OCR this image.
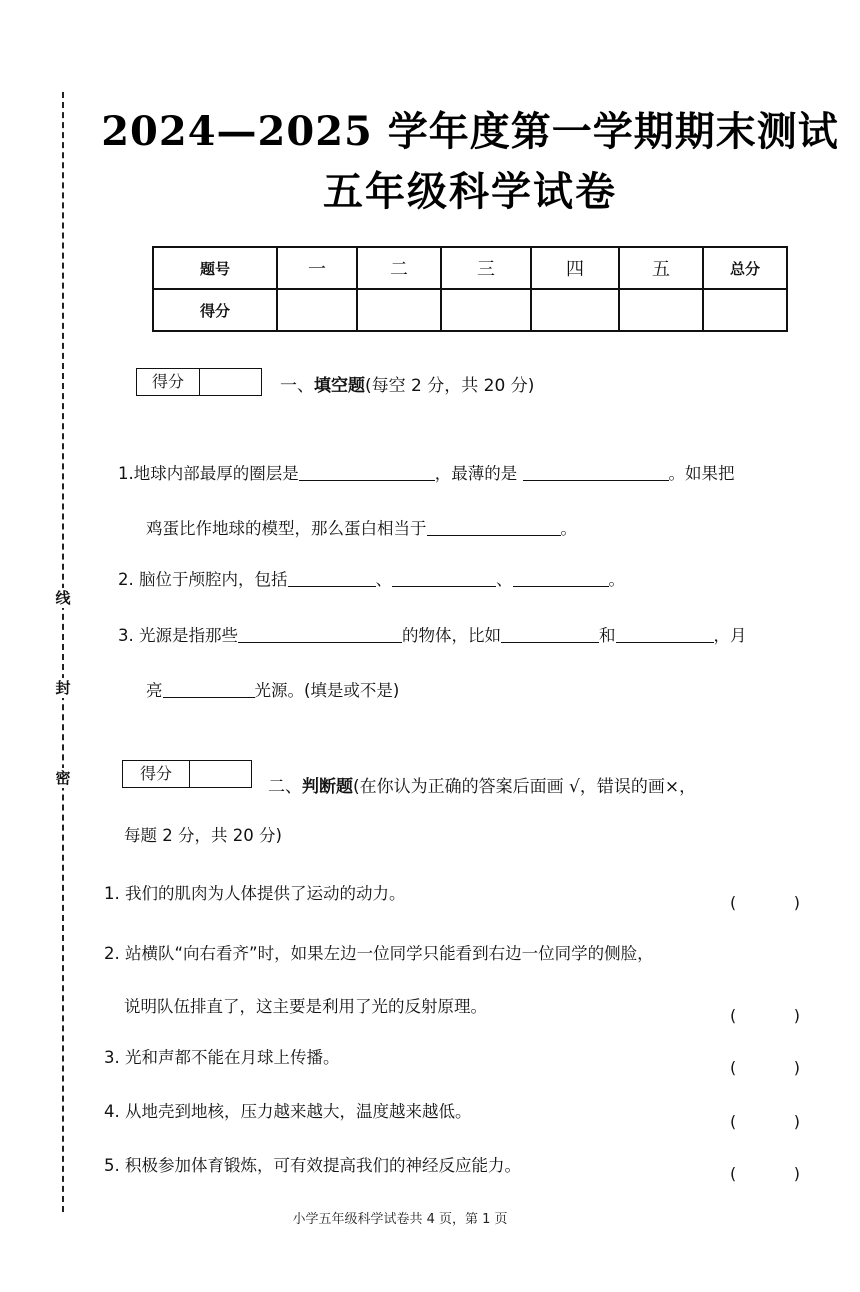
线
封
密
2024—2025 学年度第一学期期末测试
五年级科学试卷
题号	一	二	三	四	五	总分
得分						
得分	一、填空题(每空 2 分，共 20 分)
1.地球内部最厚的圈层是	，最薄的是	。如果把
鸡蛋比作地球的模型，那么蛋白相当于	。
2. 脑位于颅腔内，包括	、	、	。
3. 光源是指那些	的物体，比如	和	，月
亮	光源。(填是或不是)
得分
二、判断题(在你认为正确的答案后面画 √，错误的画×，
每题 2 分，共 20 分)
1. 我们的肌肉为人体提供了运动的动力。	(	)
2. 站横队“向右看齐”时，如果左边一位同学只能看到右边一位同学的侧脸，
说明队伍排直了，这主要是利用了光的反射原理。	(	)
3. 光和声都不能在月球上传播。
(	)
4. 从地壳到地核，压力越来越大，温度越来越低。
(	)
5. 积极参加体育锻炼，可有效提高我们的神经反应能力。	(	)
小学五年级科学试卷共 4 页，第 1 页
